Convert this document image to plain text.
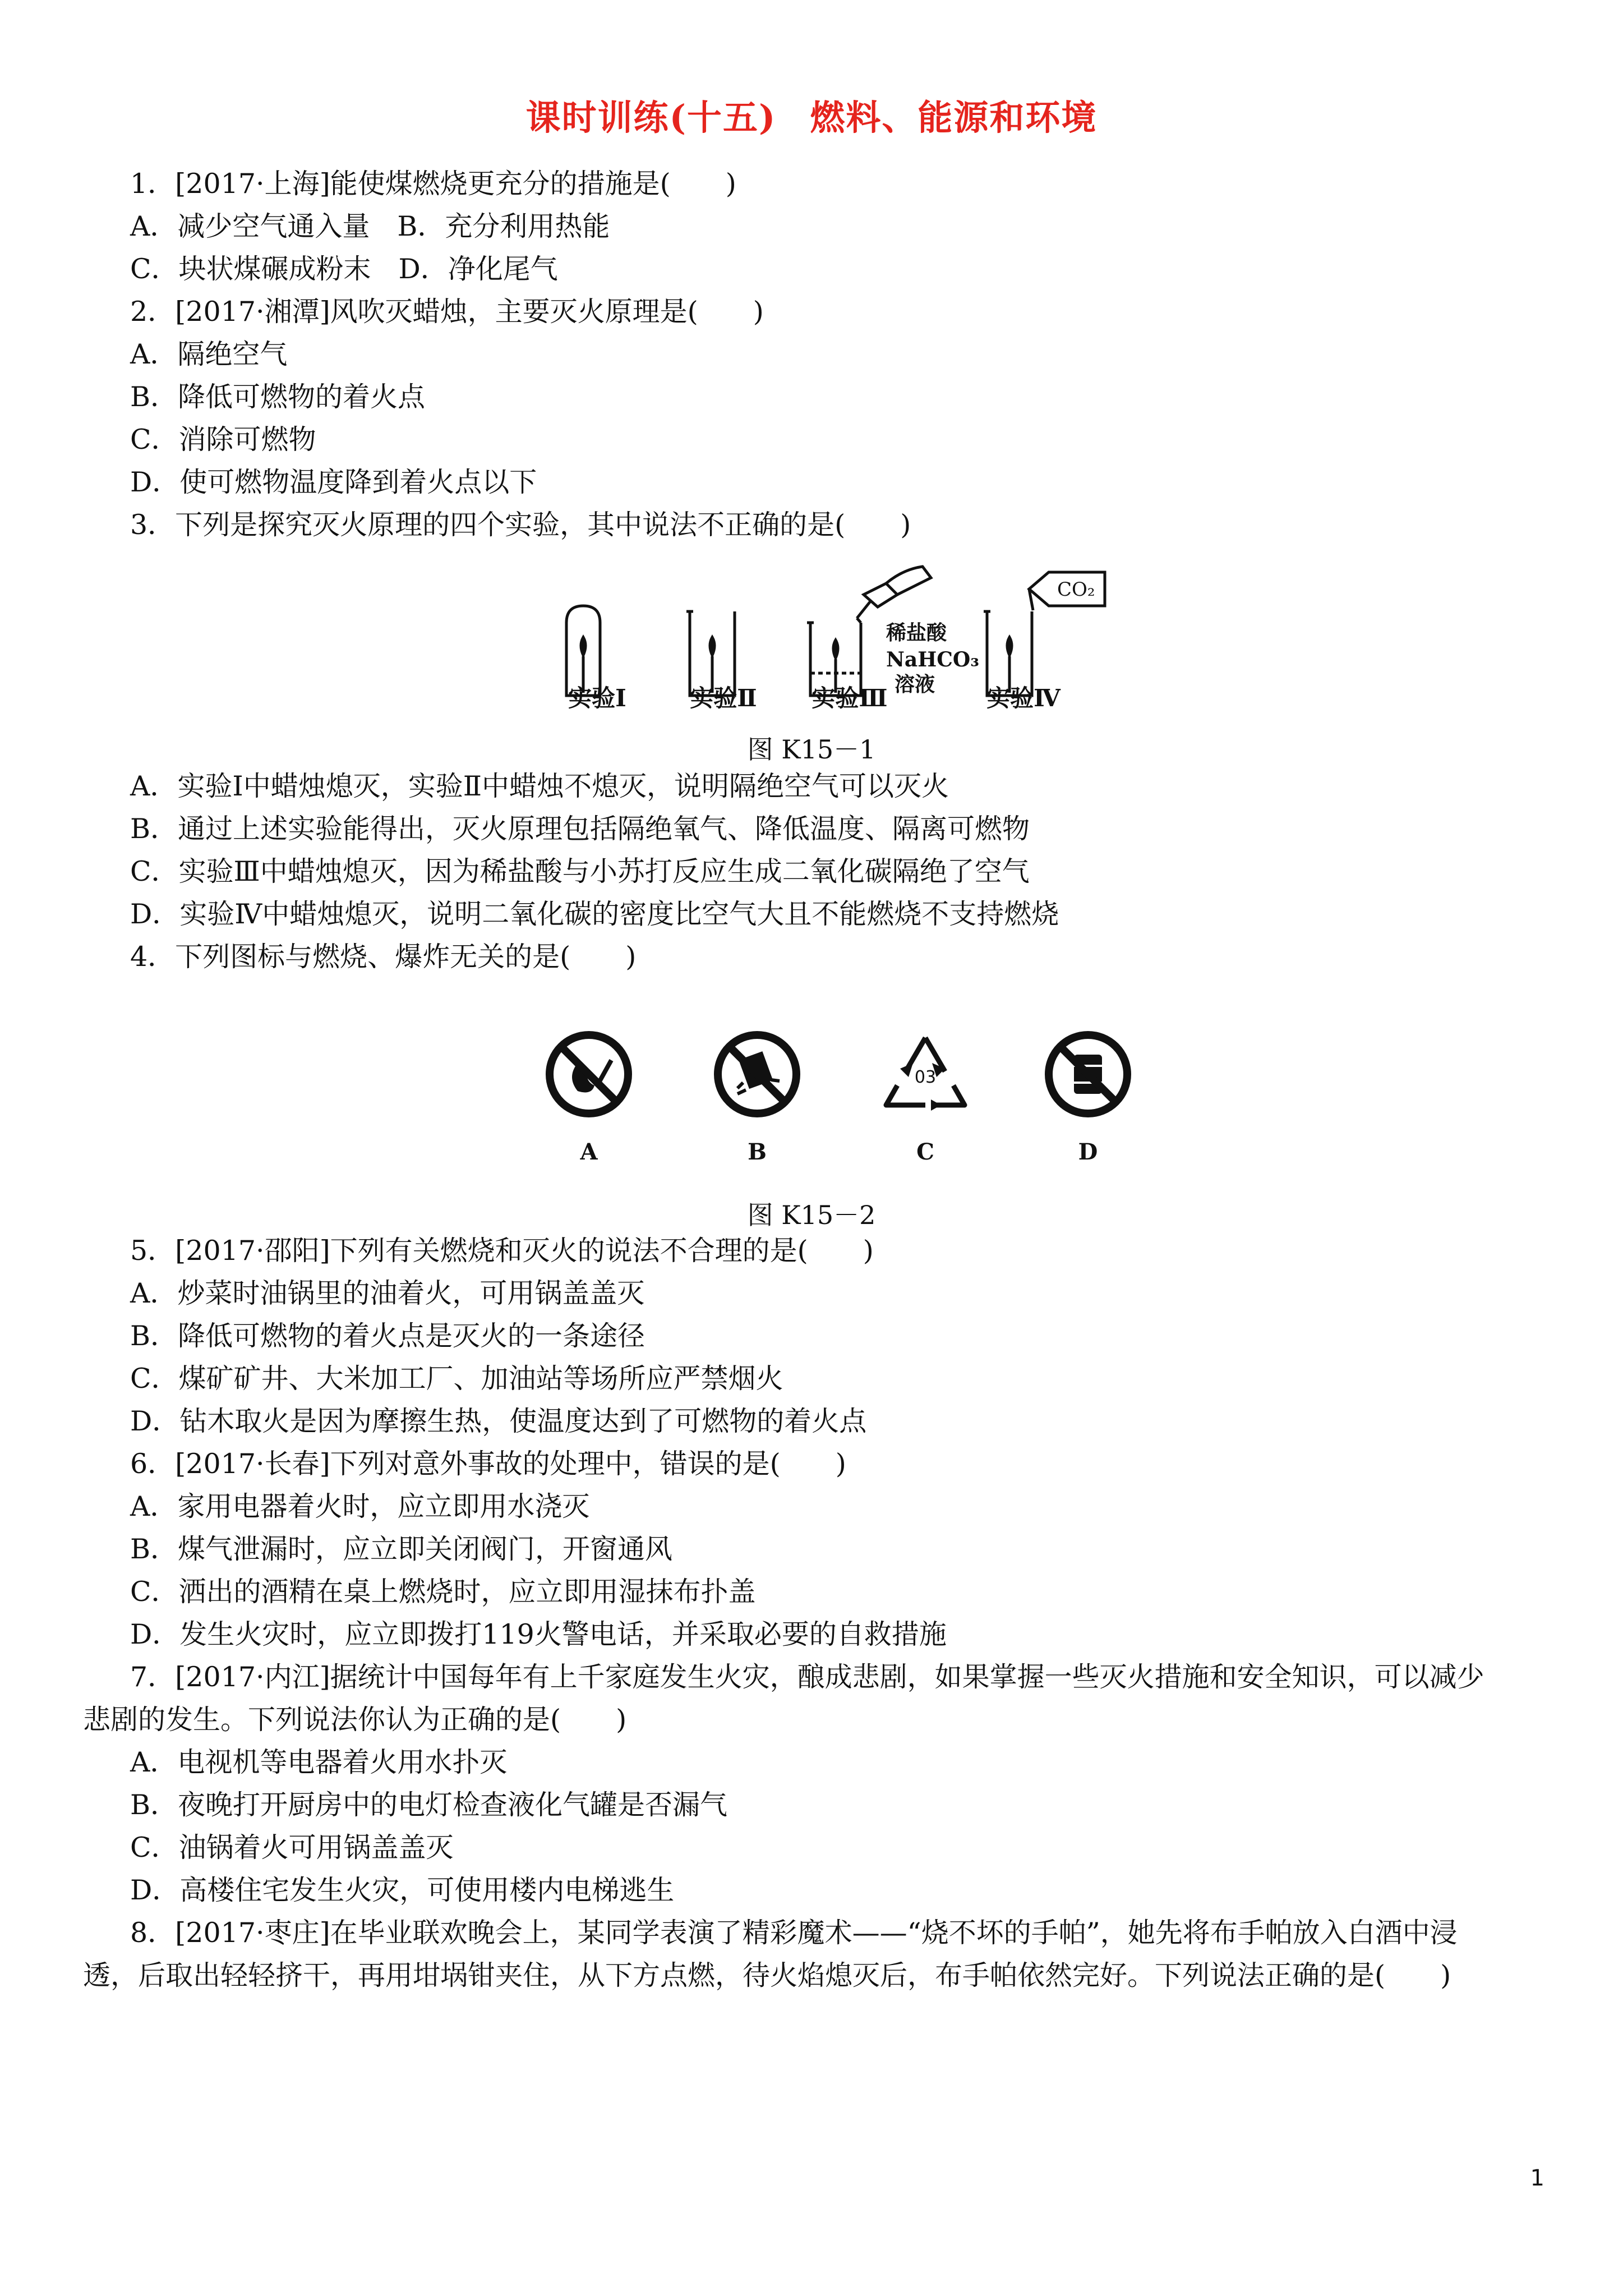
课时训练(十五) 燃料、能源和环境
1．[2017·上海]能使煤燃烧更充分的措施是(　　)
A．减少空气通入量　B．充分利用热能
C．块状煤碾成粉末　D．净化尾气
2．[2017·湘潭]风吹灭蜡烛，主要灭火原理是(　　)
A．隔绝空气
B．降低可燃物的着火点
C．消除可燃物
D．使可燃物温度降到着火点以下
3．下列是探究灭火原理的四个实验，其中说法不正确的是(　　)
CO₂
稀盐酸
NaHCO₃
溶液
实验Ⅰ	实验Ⅱ	实验Ⅲ	实验Ⅳ
图 K15－1
A．实验Ⅰ中蜡烛熄灭，实验Ⅱ中蜡烛不熄灭，说明隔绝空气可以灭火
B．通过上述实验能得出，灭火原理包括隔绝氧气、降低温度、隔离可燃物
C．实验Ⅲ中蜡烛熄灭，因为稀盐酸与小苏打反应生成二氧化碳隔绝了空气
D．实验Ⅳ中蜡烛熄灭，说明二氧化碳的密度比空气大且不能燃烧不支持燃烧
4．下列图标与燃烧、爆炸无关的是(　　)
03
A	B	C	D
图 K15－2
5．[2017·邵阳]下列有关燃烧和灭火的说法不合理的是(　　)
A．炒菜时油锅里的油着火，可用锅盖盖灭
B．降低可燃物的着火点是灭火的一条途径
C．煤矿矿井、大米加工厂、加油站等场所应严禁烟火
D．钻木取火是因为摩擦生热，使温度达到了可燃物的着火点
6．[2017·长春]下列对意外事故的处理中，错误的是(　　)
A．家用电器着火时，应立即用水浇灭
B．煤气泄漏时，应立即关闭阀门，开窗通风
C．洒出的酒精在桌上燃烧时，应立即用湿抹布扑盖
D．发生火灾时，应立即拨打119火警电话，并采取必要的自救措施
7．[2017·内江]据统计中国每年有上千家庭发生火灾，酿成悲剧，如果掌握一些灭火措施和安全知识，可以减少
悲剧的发生。下列说法你认为正确的是(　　)
A．电视机等电器着火用水扑灭
B．夜晚打开厨房中的电灯检查液化气罐是否漏气
C．油锅着火可用锅盖盖灭
D．高楼住宅发生火灾，可使用楼内电梯逃生
8．[2017·枣庄]在毕业联欢晚会上，某同学表演了精彩魔术——“烧不坏的手帕”，她先将布手帕放入白酒中浸
透，后取出轻轻挤干，再用坩埚钳夹住，从下方点燃，待火焰熄灭后，布手帕依然完好。下列说法正确的是(　　)
1
